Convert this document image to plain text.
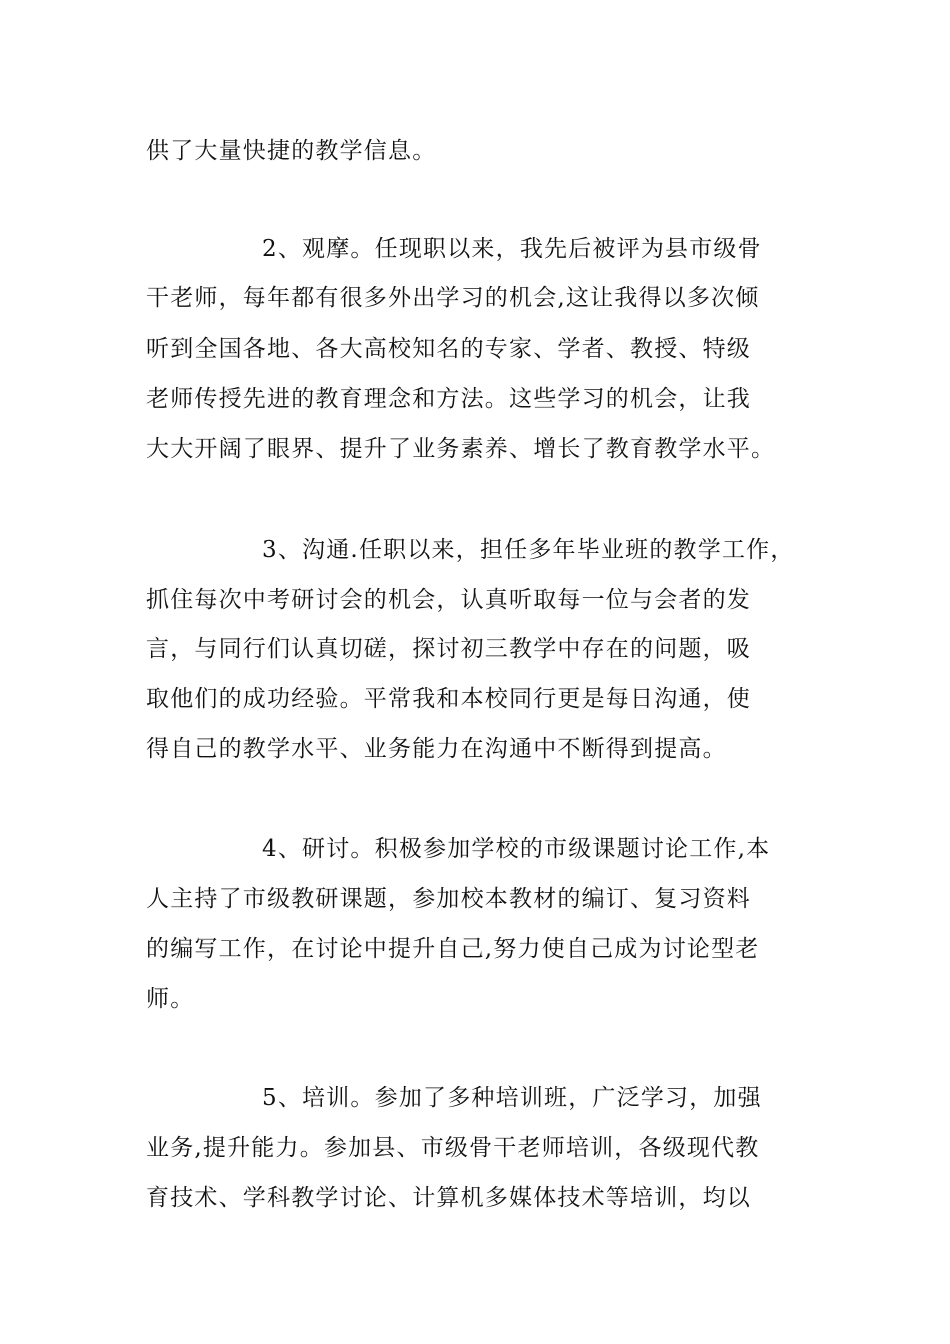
供了大量快捷的教学信息。
2、观摩。任现职以来，我先后被评为县市级骨
干老师，每年都有很多外出学习的机会,这让我得以多次倾
听到全国各地、各大高校知名的专家、学者、教授、特级
老师传授先进的教育理念和方法。这些学习的机会，让我
大大开阔了眼界、提升了业务素养、增长了教育教学水平。
3、沟通.任职以来，担任多年毕业班的教学工作，
抓住每次中考研讨会的机会，认真听取每一位与会者的发
言，与同行们认真切磋，探讨初三教学中存在的问题，吸
取他们的成功经验。平常我和本校同行更是每日沟通，使
得自己的教学水平、业务能力在沟通中不断得到提高。
4、研讨。积极参加学校的市级课题讨论工作,本
人主持了市级教研课题，参加校本教材的编订、复习资料
的编写工作，在讨论中提升自己,努力使自己成为讨论型老
师。
5、培训。参加了多种培训班，广泛学习，加强
业务,提升能力。参加县、市级骨干老师培训，各级现代教
育技术、学科教学讨论、计算机多媒体技术等培训，均以
